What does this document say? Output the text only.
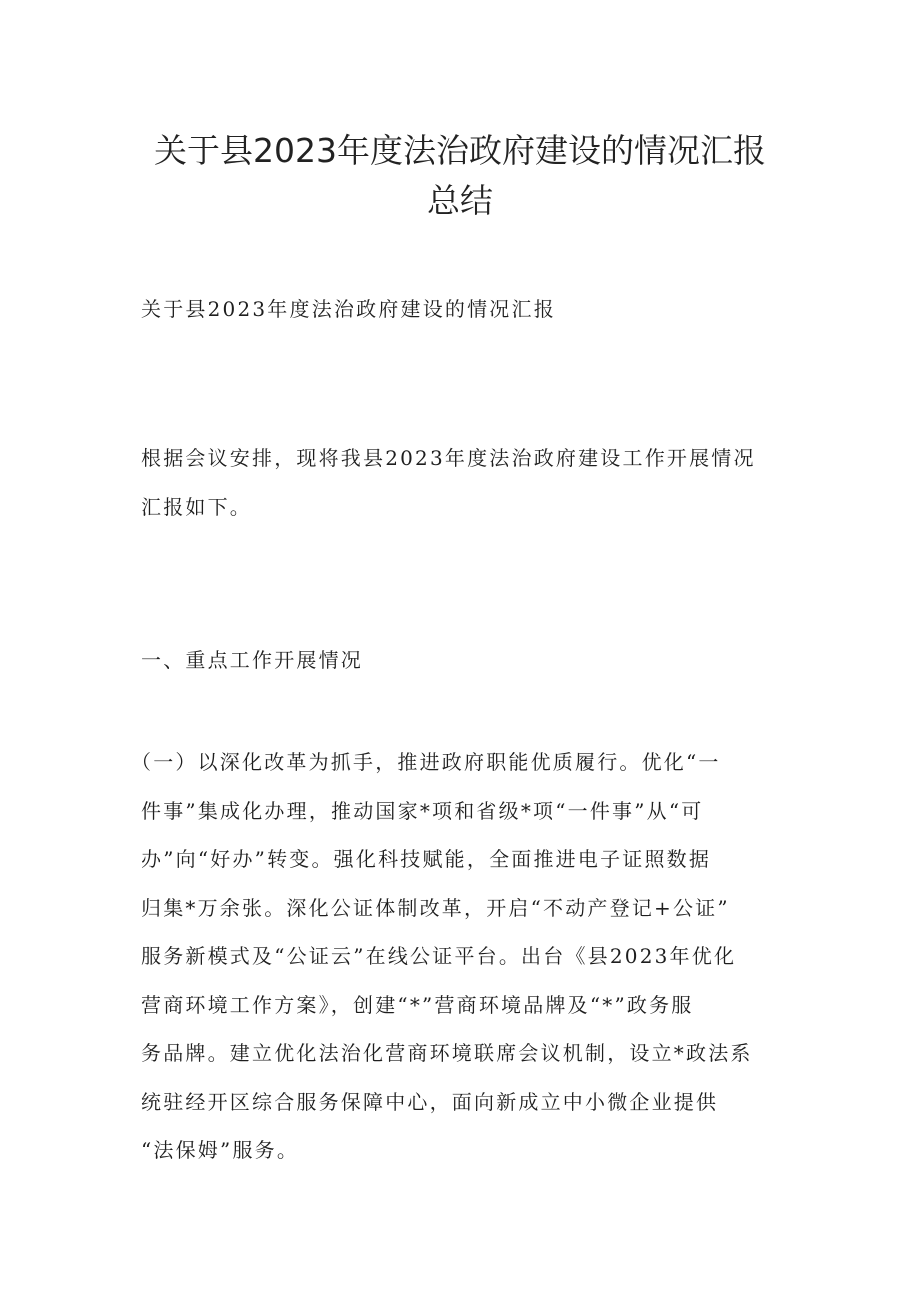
关于县2023年度法治政府建设的情况汇报
总结

关于县2023年度法治政府建设的情况汇报

根据会议安排，现将我县2023年度法治政府建设工作开展情况
汇报如下。

一、重点工作开展情况

（一）以深化改革为抓手，推进政府职能优质履行。优化“一
件事”集成化办理，推动国家*项和省级*项“一件事”从“可
办”向“好办”转变。强化科技赋能，全面推进电子证照数据
归集*万余张。深化公证体制改革，开启“不动产登记+公证”
服务新模式及“公证云”在线公证平台。出台《县2023年优化
营商环境工作方案》，创建“*”营商环境品牌及“*”政务服
务品牌。建立优化法治化营商环境联席会议机制，设立*政法系
统驻经开区综合服务保障中心，面向新成立中小微企业提供
“法保姆”服务。
